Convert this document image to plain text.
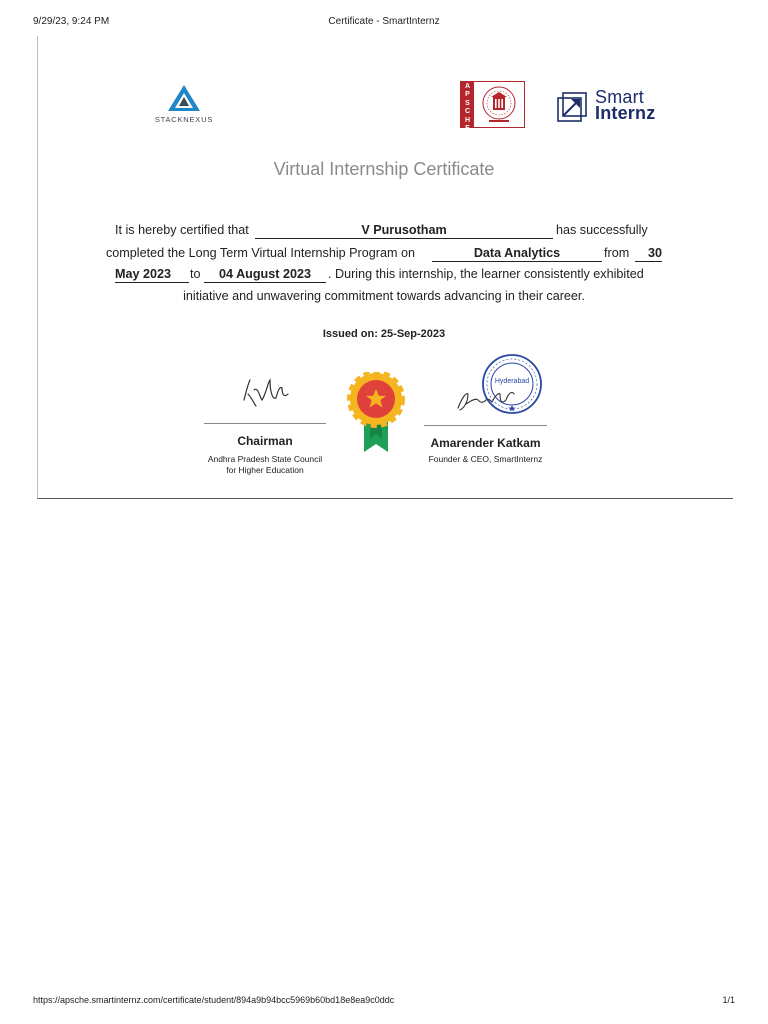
9/29/23, 9:24 PM	Certificate - SmartInternz
STACKNEXUS
A
P
S
C
H
E
Smart
Internz
Virtual Internship Certificate
It is hereby certified that	V Purusotham	has successfully
completed the Long Term Virtual Internship Program on	Data Analytics	from	30
May 2023	to	04 August 2023	. During this internship, the learner consistently exhibited
initiative and unwavering commitment towards advancing in their career.
Issued on: 25-Sep-2023
Chairman
Andhra Pradesh State Council
for Higher Education
Amarender Katkam
Founder & CEO, SmartInternz
Hyderabad
https://apsche.smartinternz.com/certificate/student/894a9b94bcc5969b60bd18e8ea9c0ddc	1/1
